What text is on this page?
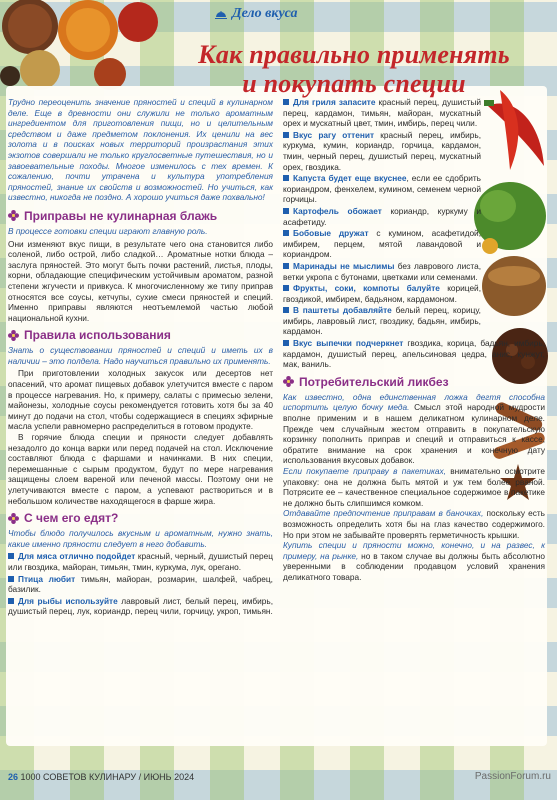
Дело вкуса
Как правильно применять
и покупать специи

Трудно переоценить значение пряностей и специй в кулинарном деле. Еще в древности они служили не только ароматным ингредиентом для приготовления пищи, но и целительным средством и даже предметом поклонения. Их ценили на вес золота и в поисках новых территорий произрастания этих экзотов совершали не только круглосветные путешествия, но и завоевательные походы. Многое изменилось с тех времен. К сожалению, почти утрачена и культура употребления пряностей, знание их свойств и возможностей. Но учиться, как известно, никогда не поздно. А хорошо учиться даже похвально!

Приправы не кулинарная блажь

В процессе готовки специи играют главную роль.

Они изменяют вкус пищи, в результате чего она становится либо соленой, либо острой, либо сладкой… Ароматные нотки блюда – заслуга пряностей. Это могут быть почки растений, листья, плоды, корни, обладающие специфическим устойчивым ароматом, разной степени жгучести и привкуса. К многочисленному же типу приправ относятся все соусы, кетчупы, сухие смеси пряностей и специй. Именно приправы являются неотъемлемой частью любой национальной кухни.

Правила использования

Знать о существовании пряностей и специй и иметь их в наличии – это полдела. Надо научиться правильно их применять.

При приготовлении холодных закусок или десертов нет опасений, что аромат пищевых добавок улетучится вместе с паром в процессе нагревания. Но, к примеру, салаты с примесью зелени, майонезы, холодные соусы рекомендуется готовить хотя бы за 40 минут до подачи на стол, чтобы содержащиеся в специях эфирные масла успели равномерно распределиться в готовом продукте.

В горячие блюда специи и пряности следует добавлять незадолго до конца варки или перед подачей на стол. Исключение составляют блюда с фаршами и начинками. В них специи, перемешанные с сырым продуктом, будут по мере нагревания защищены слоем вареной или печеной массы. Поэтому они не улетучиваются вместе с паром, а успевают раствориться и в небольшом количестве находящегося в фарше жира.

С чем его едят?

Чтобы блюдо получилось вкусным и ароматным, нужно знать, какие именно пряности следует в него добавить.

Для мяса отлично подойдет красный, черный, душистый перец или гвоздика, майоран, тимьян, тмин, куркума, лук, орегано.

Птица любит тимьян, майоран, розмарин, шалфей, чабрец, базилик.

Для рыбы используйте лавровый лист, белый перец, имбирь, душистый перец, лук, кориандр, перец чили, горчицу, укроп, тимьян.

Для гриля запасите красный перец, душистый перец, кардамон, тимьян, майоран, мускатный орех и мускатный цвет, тмин, имбирь, перец чили.

Вкус рагу оттенит красный перец, имбирь, куркума, кумин, кориандр, горчица, кардамон, тмин, черный перец, душистый перец, мускатный орех, гвоздика.

Капуста будет еще вкуснее, если ее сдобрить кориандром, фенхелем, кумином, семенем черной горчицы.

Картофель обожает кориандр, куркуму и асафетиду.

Бобовые дружат с кумином, асафетидой, имбирем, перцем, мятой лавандовой и кориандром.

Маринады не мыслимы без лаврового листа, ветки укропа с бутонами, цветками или семенами.

Фрукты, соки, компоты балуйте корицей, гвоздикой, имбирем, бадьяном, кардамоном.

В паштеты добавляйте белый перец, корицу, имбирь, лавровый лист, гвоздику, бадьян, имбирь, кардамон.

Вкус выпечки подчеркнет гвоздика, корица, бадьян, имбирь, кардамон, душистый перец, апельсиновая цедра, анис, кунжут, мак, ваниль.

Потребительский ликбез

Как известно, одна единственная ложка дегтя способна испортить целую бочку меда. Смысл этой народной мудрости вполне применим и в нашем деликатном кулинарном деле. Прежде чем случайным жестом отправить в покупательскую корзинку пополнить приправ и специй и отправиться к кассе, обратите внимание на срок хранения и конечную дату использования вкусовых добавок.

Если покупаете приправу в пакетиках, внимательно осмотрите упаковку: она не должна быть мятой и уж тем более рваной. Потрясите ее – качественное специальное содержимое в пакетике не должно быть слипшимся комком.

Отдавайте предпочтение приправам в баночках, поскольку есть возможность определить хотя бы на глаз качество содержимого. Но при этом не забывайте проверять герметичность крышки.

Купить специи и пряности можно, конечно, и на развес, к примеру, на рынке, но в таком случае вы должны быть абсолютно уверенными в соблюдении продавцом условий хранения деликатного товара.

26 1000 СОВЕТОВ КУЛИНАРУ / ИЮНЬ 2024	PassionForum.ru
